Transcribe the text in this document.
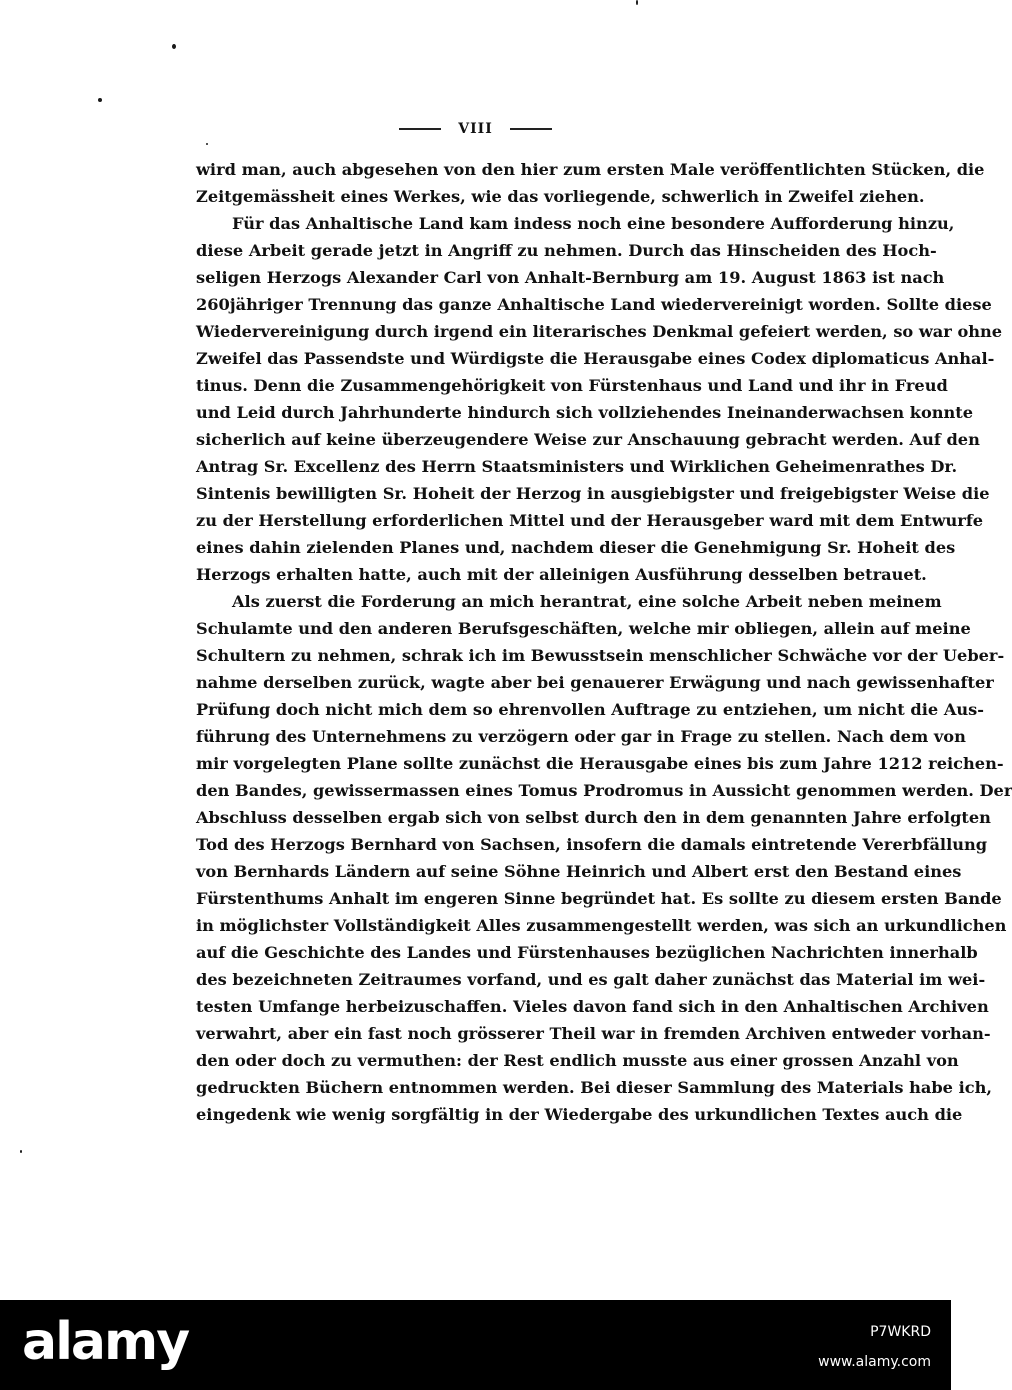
VIII
wird man, auch abgesehen von den hier zum ersten Male veröffentlichten Stücken, die
Zeitgemässheit eines Werkes, wie das vorliegende, schwerlich in Zweifel ziehen.
Für das Anhaltische Land kam indess noch eine besondere Aufforderung hinzu,
diese Arbeit gerade jetzt in Angriff zu nehmen. Durch das Hinscheiden des Hoch-
seligen Herzogs Alexander Carl von Anhalt-Bernburg am 19. August 1863 ist nach
260jähriger Trennung das ganze Anhaltische Land wiedervereinigt worden. Sollte diese
Wiedervereinigung durch irgend ein literarisches Denkmal gefeiert werden, so war ohne
Zweifel das Passendste und Würdigste die Herausgabe eines Codex diplomaticus Anhal-
tinus. Denn die Zusammengehörigkeit von Fürstenhaus und Land und ihr in Freud
und Leid durch Jahrhunderte hindurch sich vollziehendes Ineinanderwachsen konnte
sicherlich auf keine überzeugendere Weise zur Anschauung gebracht werden. Auf den
Antrag Sr. Excellenz des Herrn Staatsministers und Wirklichen Geheimenrathes Dr.
Sintenis bewilligten Sr. Hoheit der Herzog in ausgiebigster und freigebigster Weise die
zu der Herstellung erforderlichen Mittel und der Herausgeber ward mit dem Entwurfe
eines dahin zielenden Planes und, nachdem dieser die Genehmigung Sr. Hoheit des
Herzogs erhalten hatte, auch mit der alleinigen Ausführung desselben betrauet.
Als zuerst die Forderung an mich herantrat, eine solche Arbeit neben meinem
Schulamte und den anderen Berufsgeschäften, welche mir obliegen, allein auf meine
Schultern zu nehmen, schrak ich im Bewusstsein menschlicher Schwäche vor der Ueber-
nahme derselben zurück, wagte aber bei genauerer Erwägung und nach gewissenhafter
Prüfung doch nicht mich dem so ehrenvollen Auftrage zu entziehen, um nicht die Aus-
führung des Unternehmens zu verzögern oder gar in Frage zu stellen. Nach dem von
mir vorgelegten Plane sollte zunächst die Herausgabe eines bis zum Jahre 1212 reichen-
den Bandes, gewissermassen eines Tomus Prodromus in Aussicht genommen werden. Der
Abschluss desselben ergab sich von selbst durch den in dem genannten Jahre erfolgten
Tod des Herzogs Bernhard von Sachsen, insofern die damals eintretende Vererbfällung
von Bernhards Ländern auf seine Söhne Heinrich und Albert erst den Bestand eines
Fürstenthums Anhalt im engeren Sinne begründet hat. Es sollte zu diesem ersten Bande
in möglichster Vollständigkeit Alles zusammengestellt werden, was sich an urkundlichen
auf die Geschichte des Landes und Fürstenhauses bezüglichen Nachrichten innerhalb
des bezeichneten Zeitraumes vorfand, und es galt daher zunächst das Material im wei-
testen Umfange herbeizuschaffen. Vieles davon fand sich in den Anhaltischen Archiven
verwahrt, aber ein fast noch grösserer Theil war in fremden Archiven entweder vorhan-
den oder doch zu vermuthen: der Rest endlich musste aus einer grossen Anzahl von
gedruckten Büchern entnommen werden. Bei dieser Sammlung des Materials habe ich,
eingedenk wie wenig sorgfältig in der Wiedergabe des urkundlichen Textes auch die
alamy	P7WKRD
www.alamy.com
